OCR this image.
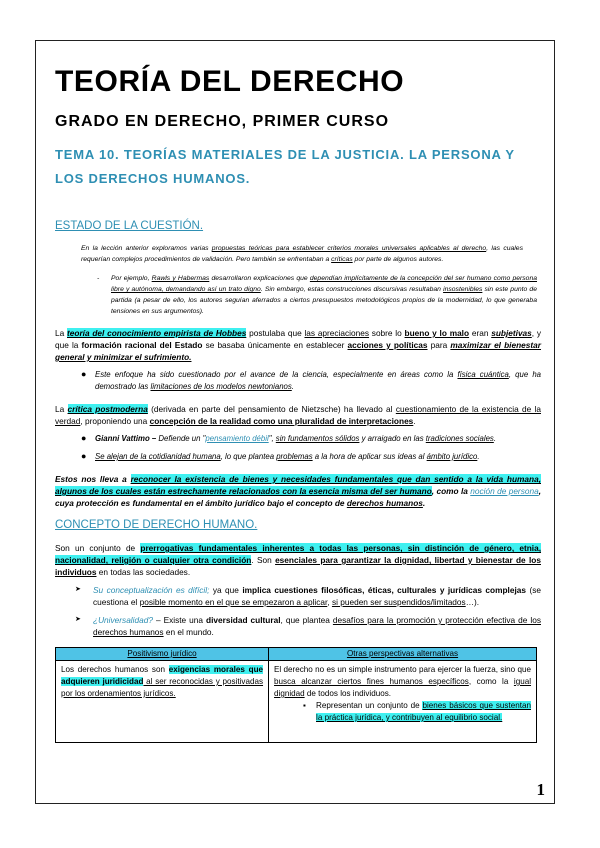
TEORÍA DEL DERECHO
GRADO EN DERECHO, PRIMER CURSO
TEMA 10. TEORÍAS MATERIALES DE LA JUSTICIA. LA PERSONA Y LOS DERECHOS HUMANOS.
ESTADO DE LA CUESTIÓN.
En la lección anterior exploramos varias propuestas teóricas para establecer criterios morales universales aplicables al derecho, las cuales requerían complejos procedimientos de validación. Pero también se enfrentaban a críticas por parte de algunos autores.
- Por ejemplo, Rawls y Habermas desarrollaron explicaciones que dependían implícitamente de la concepción del ser humano como persona libre y autónoma, demandando así un trato digno. Sin embargo, estas construcciones discursivas resultaban insostenibles sin este punto de partida (a pesar de ello, los autores seguían aferrados a ciertos presupuestos metodológicos propios de la modernidad, lo que generaba tensiones en sus argumentos).
La teoría del conocimiento empirista de Hobbes postulaba que las apreciaciones sobre lo bueno y lo malo eran subjetivas, y que la formación racional del Estado se basaba únicamente en establecer acciones y políticas para maximizar el bienestar general y minimizar el sufrimiento.
● Este enfoque ha sido cuestionado por el avance de la ciencia, especialmente en áreas como la física cuántica, que ha demostrado las limitaciones de los modelos newtonianos.
La crítica postmoderna (derivada en parte del pensamiento de Nietzsche) ha llevado al cuestionamiento de la existencia de la verdad, proponiendo una concepción de la realidad como una pluralidad de interpretaciones.
● Gianni Vattimo – Defiende un "pensamiento débil", sin fundamentos sólidos y arraigado en las tradiciones sociales.
● Se alejan de la cotidianidad humana, lo que plantea problemas a la hora de aplicar sus ideas al ámbito jurídico.
Estos nos lleva a reconocer la existencia de bienes y necesidades fundamentales que dan sentido a la vida humana, algunos de los cuales están estrechamente relacionados con la esencia misma del ser humano, como la noción de persona, cuya protección es fundamental en el ámbito jurídico bajo el concepto de derechos humanos.
CONCEPTO DE DERECHO HUMANO.
Son un conjunto de prerrogativas fundamentales inherentes a todas las personas, sin distinción de género, etnia, nacionalidad, religión o cualquier otra condición. Son esenciales para garantizar la dignidad, libertad y bienestar de los individuos en todas las sociedades.
➤ Su conceptualización es difícil; ya que implica cuestiones filosóficas, éticas, culturales y jurídicas complejas (se cuestiona el posible momento en el que se empezaron a aplicar, si pueden ser suspendidos/limitados…).
➤ ¿Universalidad? – Existe una diversidad cultural, que plantea desafíos para la promoción y protección efectiva de los derechos humanos en el mundo.
Positivismo jurídico	Otras perspectivas alternativas
Los derechos humanos son exigencias morales que adquieren juridicidad al ser reconocidas y positivadas por los ordenamientos jurídicos.	El derecho no es un simple instrumento para ejercer la fuerza, sino que busca alcanzar ciertos fines humanos específicos, como la igual dignidad de todos los individuos.
▪ Representan un conjunto de bienes básicos que sustentan la práctica jurídica, y contribuyen al equilibrio social.
1
